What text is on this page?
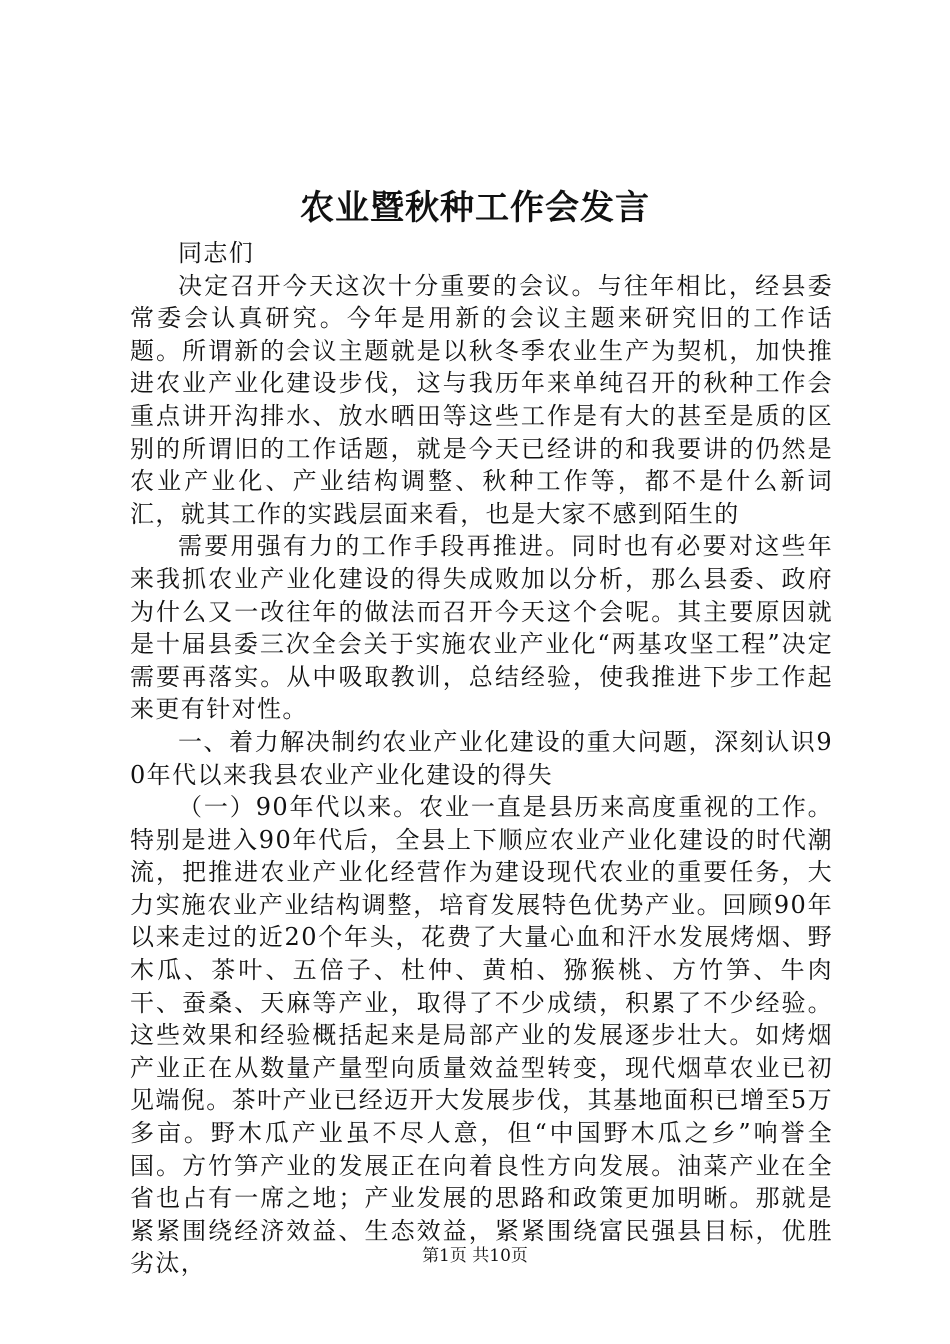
农业暨秋种工作会发言

同志们

决定召开今天这次十分重要的会议。与往年相比，经县委常委会认真研究。今年是用新的会议主题来研究旧的工作话题。所谓新的会议主题就是以秋冬季农业生产为契机，加快推进农业产业化建设步伐，这与我历年来单纯召开的秋种工作会重点讲开沟排水、放水晒田等这些工作是有大的甚至是质的区别的所谓旧的工作话题，就是今天已经讲的和我要讲的仍然是农业产业化、产业结构调整、秋种工作等，都不是什么新词汇，就其工作的实践层面来看，也是大家不感到陌生的

需要用强有力的工作手段再推进。同时也有必要对这些年来我抓农业产业化建设的得失成败加以分析，那么县委、政府为什么又一改往年的做法而召开今天这个会呢。其主要原因就是十届县委三次全会关于实施农业产业化“两基攻坚工程”决定需要再落实。从中吸取教训，总结经验，使我推进下步工作起来更有针对性。

一、着力解决制约农业产业化建设的重大问题，深刻认识90年代以来我县农业产业化建设的得失

（一）90年代以来。农业一直是县历来高度重视的工作。特别是进入90年代后，全县上下顺应农业产业化建设的时代潮流，把推进农业产业化经营作为建设现代农业的重要任务，大力实施农业产业结构调整，培育发展特色优势产业。回顾90年以来走过的近20个年头，花费了大量心血和汗水发展烤烟、野木瓜、茶叶、五倍子、杜仲、黄柏、猕猴桃、方竹笋、牛肉干、蚕桑、天麻等产业，取得了不少成绩，积累了不少经验。这些效果和经验概括起来是局部产业的发展逐步壮大。如烤烟产业正在从数量产量型向质量效益型转变，现代烟草农业已初见端倪。茶叶产业已经迈开大发展步伐，其基地面积已增至5万多亩。野木瓜产业虽不尽人意，但“中国野木瓜之乡”响誉全国。方竹笋产业的发展正在向着良性方向发展。油菜产业在全省也占有一席之地；产业发展的思路和政策更加明晰。那就是紧紧围绕经济效益、生态效益，紧紧围绕富民强县目标，优胜劣汰，	第1页 共10页
